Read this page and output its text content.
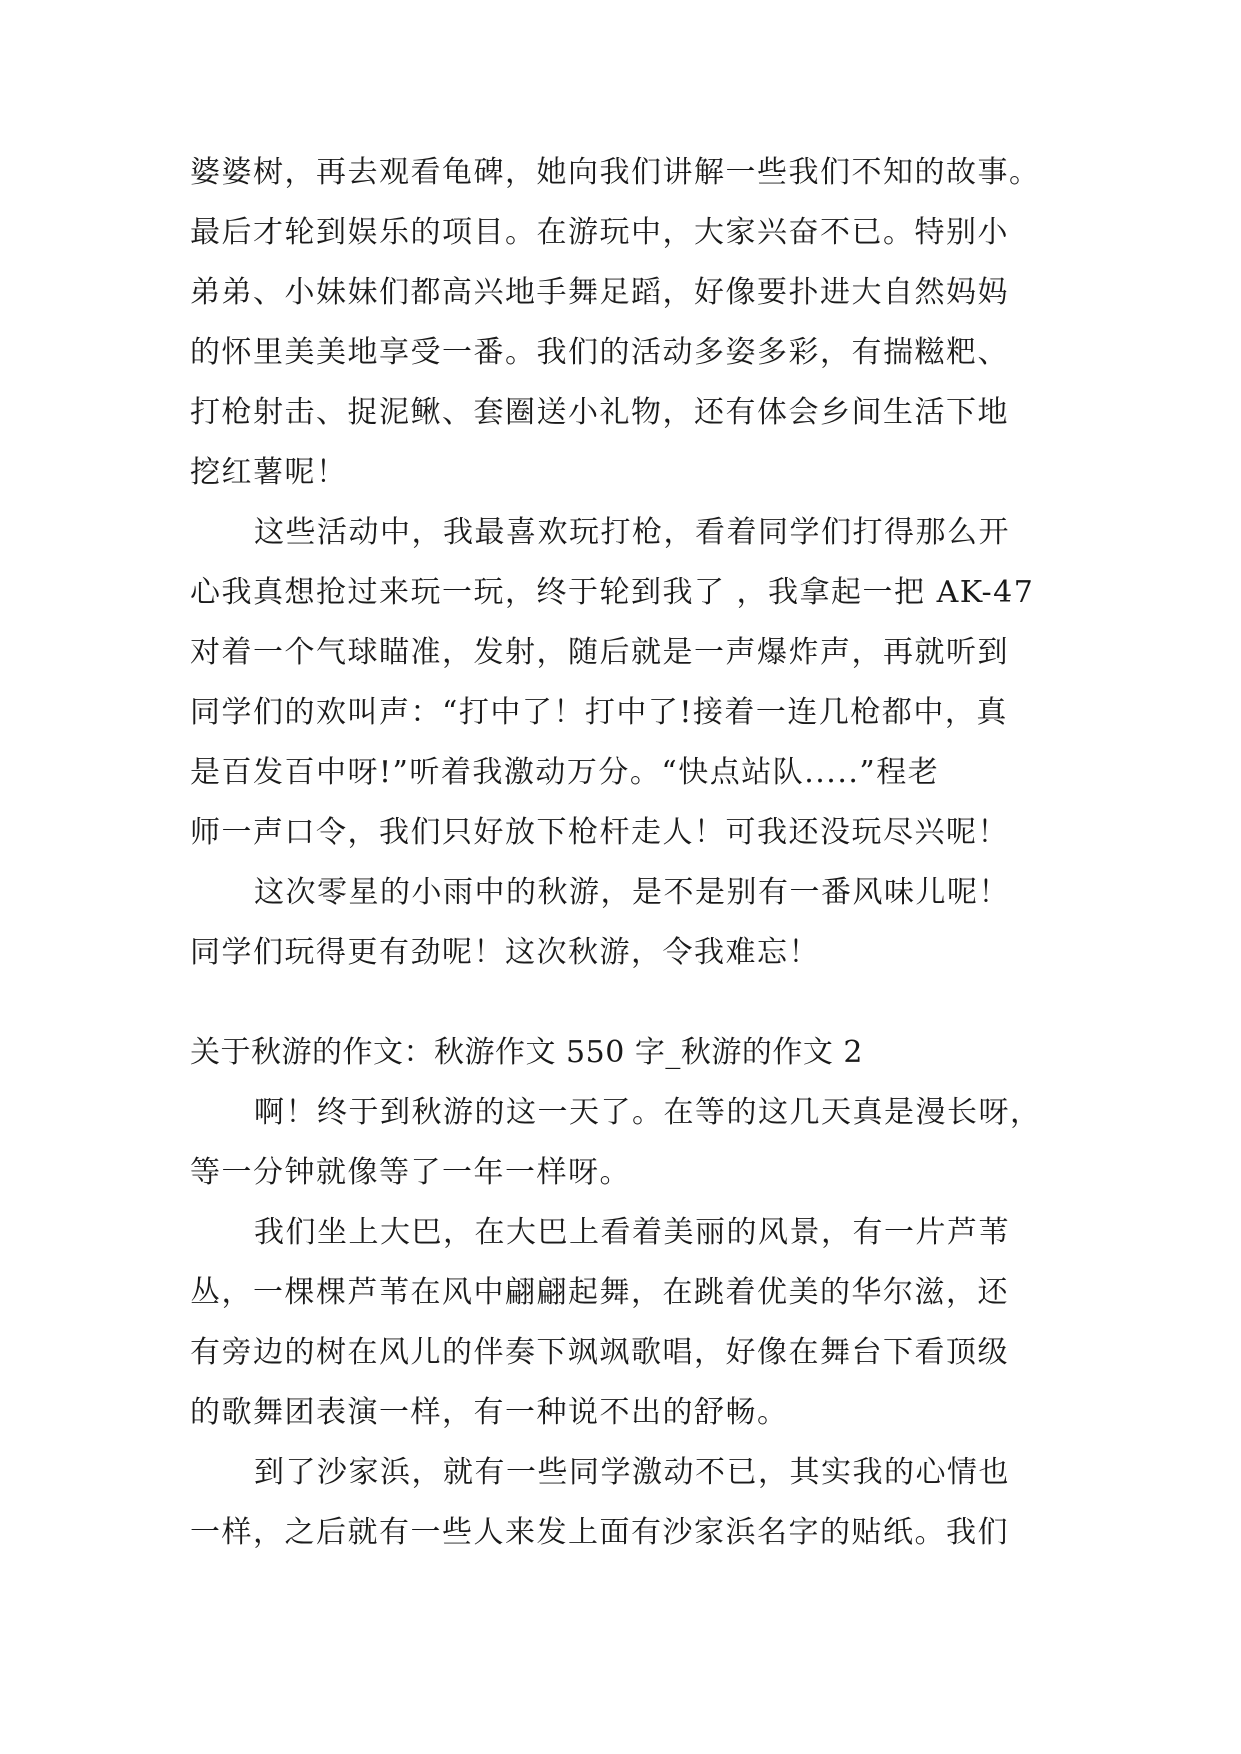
婆婆树，再去观看龟碑，她向我们讲解一些我们不知的故事。
最后才轮到娱乐的项目。在游玩中，大家兴奋不已。特别小
弟弟、小妹妹们都高兴地手舞足蹈，好像要扑进大自然妈妈
的怀里美美地享受一番。我们的活动多姿多彩，有揣糍粑、
打枪射击、捉泥鳅、套圈送小礼物，还有体会乡间生活下地
挖红薯呢！
这些活动中，我最喜欢玩打枪，看着同学们打得那么开
心我真想抢过来玩一玩，终于轮到我了 ，我拿起一把 AK-47
对着一个气球瞄准，发射，随后就是一声爆炸声，再就听到
同学们的欢叫声：“打中了！打中了!接着一连几枪都中，真
是百发百中呀!”听着我激动万分。“快点站队.....”程老
师一声口令，我们只好放下枪杆走人！可我还没玩尽兴呢！
这次零星的小雨中的秋游，是不是别有一番风味儿呢！
同学们玩得更有劲呢！这次秋游，令我难忘！
关于秋游的作文：秋游作文 550 字_秋游的作文 2
啊！终于到秋游的这一天了。在等的这几天真是漫长呀，
等一分钟就像等了一年一样呀。
我们坐上大巴，在大巴上看着美丽的风景，有一片芦苇
丛，一棵棵芦苇在风中翩翩起舞，在跳着优美的华尔滋，还
有旁边的树在风儿的伴奏下飒飒歌唱，好像在舞台下看顶级
的歌舞团表演一样，有一种说不出的舒畅。
到了沙家浜，就有一些同学激动不已，其实我的心情也
一样，之后就有一些人来发上面有沙家浜名字的贴纸。我们
